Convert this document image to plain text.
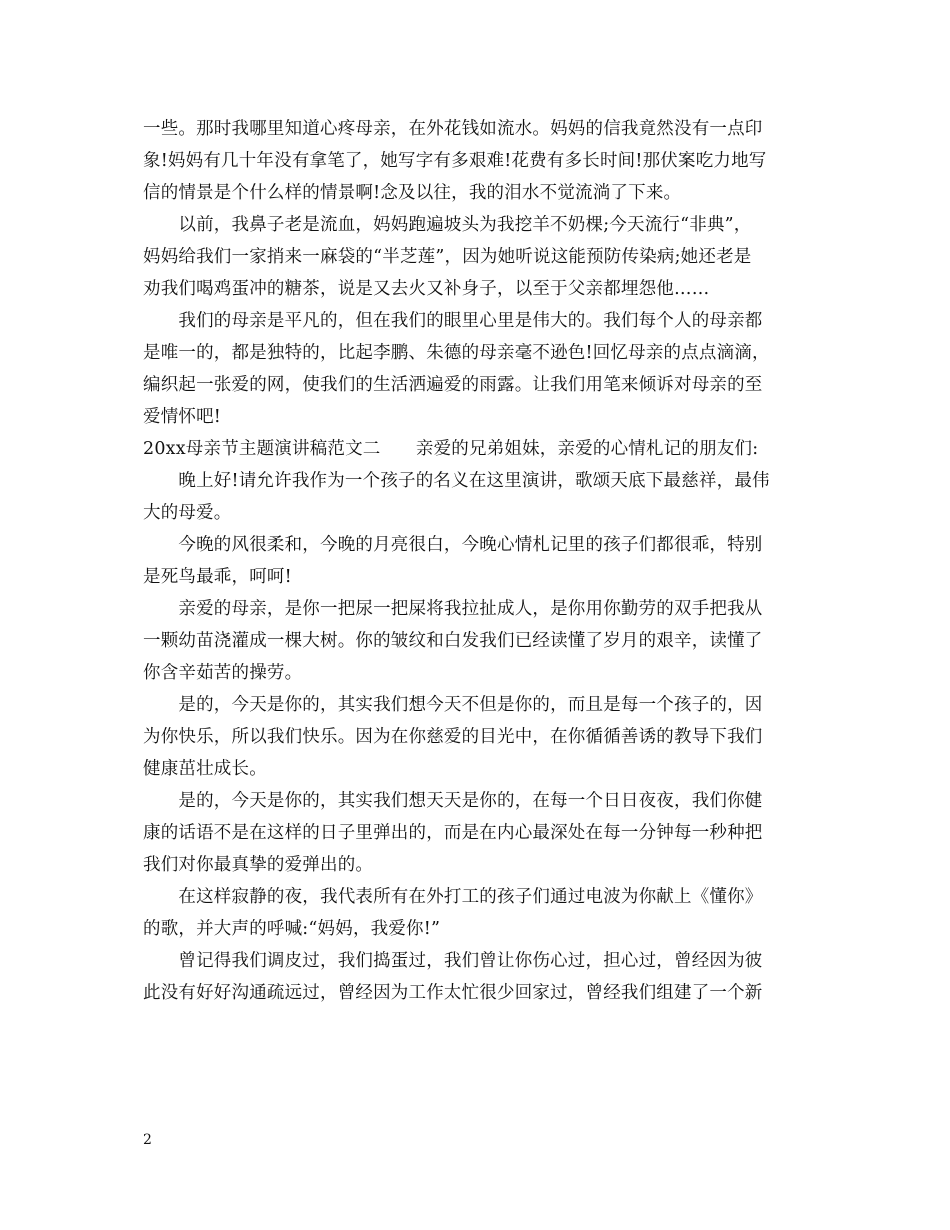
一些。那时我哪里知道心疼母亲，在外花钱如流水。妈妈的信我竟然没有一点印
象!妈妈有几十年没有拿笔了，她写字有多艰难!花费有多长时间!那伏案吃力地写
信的情景是个什么样的情景啊!念及以往，我的泪水不觉流淌了下来。
　　以前，我鼻子老是流血，妈妈跑遍坡头为我挖羊不奶棵;今天流行“非典”，
妈妈给我们一家捎来一麻袋的“半芝莲”，因为她听说这能预防传染病;她还老是
劝我们喝鸡蛋冲的糖茶，说是又去火又补身子，以至于父亲都埋怨他……
　　我们的母亲是平凡的，但在我们的眼里心里是伟大的。我们每个人的母亲都
是唯一的，都是独特的，比起李鹏、朱德的母亲毫不逊色!回忆母亲的点点滴滴，
编织起一张爱的网，使我们的生活洒遍爱的雨露。让我们用笔来倾诉对母亲的至
爱情怀吧!
20xx母亲节主题演讲稿范文二　　亲爱的兄弟姐妹，亲爱的心情札记的朋友们:
　　晚上好!请允许我作为一个孩子的名义在这里演讲，歌颂天底下最慈祥，最伟
大的母爱。
　　今晚的风很柔和，今晚的月亮很白，今晚心情札记里的孩子们都很乖，特别
是死鸟最乖，呵呵!
　　亲爱的母亲，是你一把尿一把屎将我拉扯成人，是你用你勤劳的双手把我从
一颗幼苗浇灌成一棵大树。你的皱纹和白发我们已经读懂了岁月的艰辛，读懂了
你含辛茹苦的操劳。
　　是的，今天是你的，其实我们想今天不但是你的，而且是每一个孩子的，因
为你快乐，所以我们快乐。因为在你慈爱的目光中，在你循循善诱的教导下我们
健康茁壮成长。
　　是的，今天是你的，其实我们想天天是你的，在每一个日日夜夜，我们你健
康的话语不是在这样的日子里弹出的，而是在内心最深处在每一分钟每一秒种把
我们对你最真挚的爱弹出的。
　　在这样寂静的夜，我代表所有在外打工的孩子们通过电波为你献上《懂你》
的歌，并大声的呼喊:“妈妈，我爱你!”
　　曾记得我们调皮过，我们捣蛋过，我们曾让你伤心过，担心过，曾经因为彼
此没有好好沟通疏远过，曾经因为工作太忙很少回家过，曾经我们组建了一个新
2
